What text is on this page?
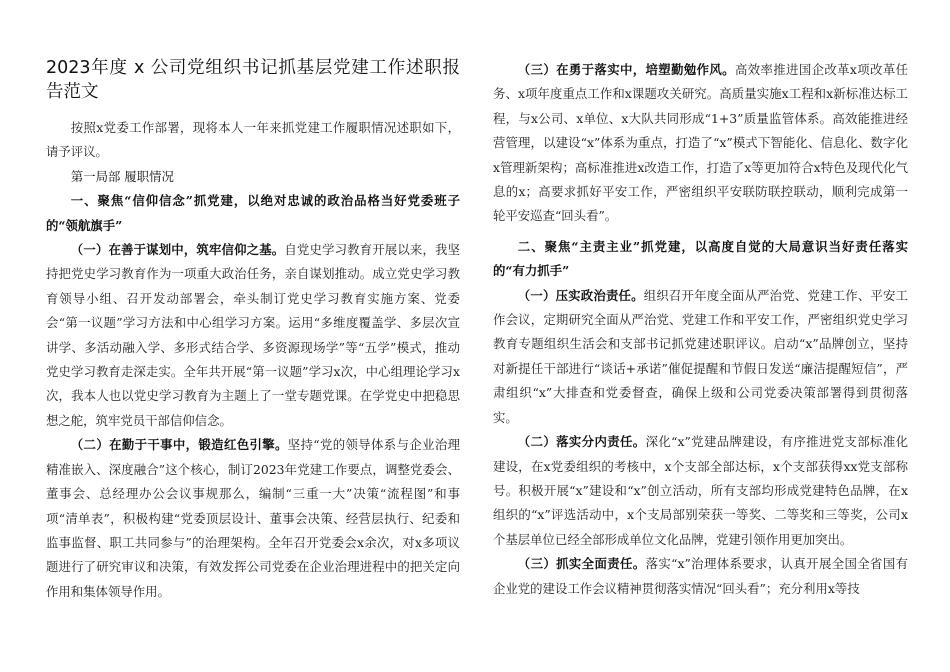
2023年度 x 公司党组织书记抓基层党建工作述职报告范文

按照x党委工作部署，现将本人一年来抓党建工作履职情况述职如下，请予评议。

第一局部 履职情况

一、聚焦“信仰信念”抓党建，以绝对忠诚的政治品格当好党委班子的“领航旗手”

（一）在善于谋划中，筑牢信仰之基。自党史学习教育开展以来，我坚持把党史学习教育作为一项重大政治任务，亲自谋划推动。成立党史学习教育领导小组、召开发动部署会，牵头制订党史学习教育实施方案、党委会“第一议题”学习方法和中心组学习方案。运用“多维度覆盖学、多层次宣讲学、多活动融入学、多形式结合学、多资源现场学”等“五学”模式，推动党史学习教育走深走实。全年共开展“第一议题”学习x次，中心组理论学习x次，我本人也以党史学习教育为主题上了一堂专题党课。在学党史中把稳思想之舵，筑牢党员干部信仰信念。

（二）在勤于干事中，锻造红色引擎。坚持“党的领导体系与企业治理精准嵌入、深度融合”这个核心，制订2023年党建工作要点，调整党委会、董事会、总经理办公会议事规那么，编制“三重一大”决策“流程图”和事项“清单表”，积极构建“党委顶层设计、董事会决策、经营层执行、纪委和监事监督、职工共同参与”的治理架构。全年召开党委会x余次，对x多项议题进行了研究审议和决策，有效发挥公司党委在企业治理进程中的把关定向作用和集体领导作用。

（三）在勇于落实中，培塑勤勉作风。高效率推进国企改革x项改革任务、x项年度重点工作和x课题攻关研究。高质量实施x工程和x新标准达标工程，与x公司、x单位、x大队共同形成“1+3”质量监管体系。高效能推进经营管理，以建设“x”体系为重点，打造了“x”模式下智能化、信息化、数字化x管理新架构；高标准推进x改造工作，打造了x等更加符合x特色及现代化气息的x；高要求抓好平安工作，严密组织平安联防联控联动，顺利完成第一轮平安巡查“回头看”。

二、聚焦“主责主业”抓党建，以高度自觉的大局意识当好责任落实的“有力抓手”

（一）压实政治责任。组织召开年度全面从严治党、党建工作、平安工作会议，定期研究全面从严治党、党建工作和平安工作，严密组织党史学习教育专题组织生活会和支部书记抓党建述职评议。启动“x”品牌创立，坚持对新提任干部进行“谈话+承诺”催促提醒和节假日发送“廉洁提醒短信”，严肃组织“x”大排查和党委督查，确保上级和公司党委决策部署得到贯彻落实。

（二）落实分内责任。深化“x”党建品牌建设，有序推进党支部标准化建设，在x党委组织的考核中，x个支部全部达标，x个支部获得xx党支部称号。积极开展“x”建设和“x”创立活动，所有支部均形成党建特色品牌，在x组织的“x”评选活动中，x个支局部别荣获一等奖、二等奖和三等奖，公司x个基层单位已经全部形成单位文化品牌，党建引领作用更加突出。

（三）抓实全面责任。落实“x”治理体系要求，认真开展全国全省国有企业党的建设工作会议精神贯彻落实情况“回头看”；充分利用x等技
